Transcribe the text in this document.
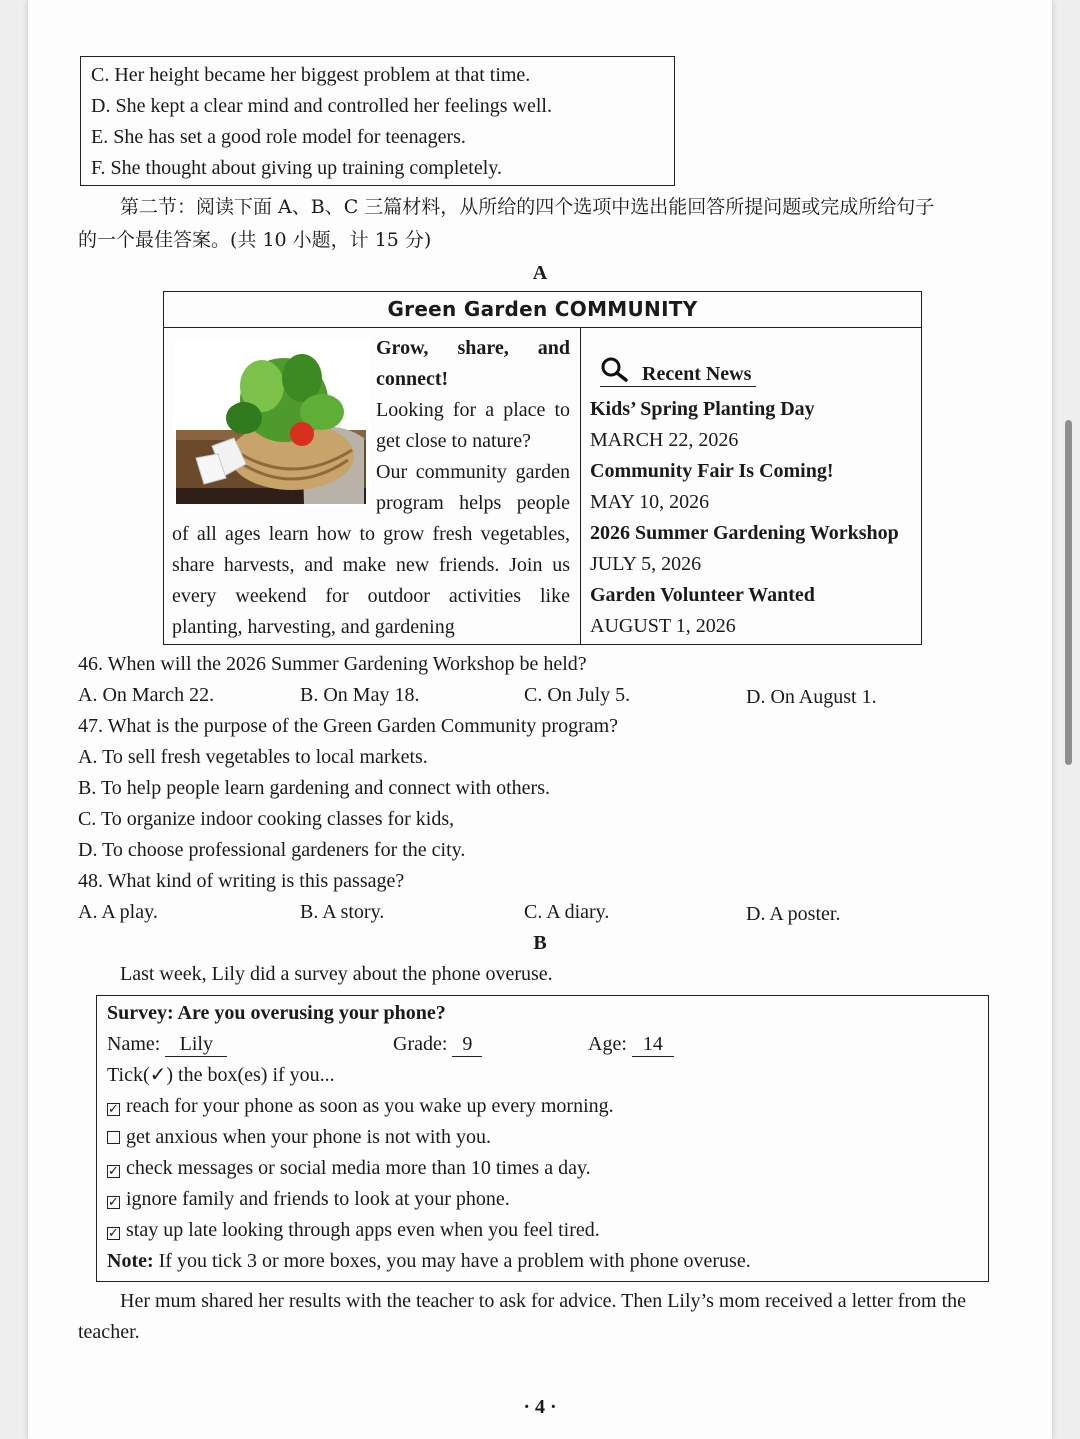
C. Her height became her biggest problem at that time.
D. She kept a clear mind and controlled her feelings well.
E. She has set a good role model for teenagers.
F. She thought about giving up training completely.
第二节：阅读下面 A、B、C 三篇材料，从所给的四个选项中选出能回答所提问题或完成所给句子
的一个最佳答案。(共 10 小题，计 15 分)
A
Green Garden COMMUNITY
Grow, share, and
connect!
Looking for a place to
get close to nature?
Our community garden
program helps people
of all ages learn how to grow fresh vegetables,
share harvests, and make new friends. Join us
every weekend for outdoor activities like
planting, harvesting, and gardening
Recent News
Kids’ Spring Planting Day
MARCH 22, 2026
Community Fair Is Coming!
MAY 10, 2026
2026 Summer Gardening Workshop
JULY 5, 2026
Garden Volunteer Wanted
AUGUST 1, 2026
46. When will the 2026 Summer Gardening Workshop be held?
A. On March 22.	B. On May 18.	C. On July 5.	D. On August 1.
47. What is the purpose of the Green Garden Community program?
A. To sell fresh vegetables to local markets.
B. To help people learn gardening and connect with others.
C. To organize indoor cooking classes for kids,
D. To choose professional gardeners for the city.
48. What kind of writing is this passage?
A. A play.	B. A story.	C. A diary.	D. A poster.
B
Last week, Lily did a survey about the phone overuse.
Survey: Are you overusing your phone?
Name: Lily	Grade: 9	Age: 14
Tick(✓) the box(es) if you...
✓ reach for your phone as soon as you wake up every morning.
get anxious when your phone is not with you.
✓ check messages or social media more than 10 times a day.
✓ ignore family and friends to look at your phone.
✓ stay up late looking through apps even when you feel tired.
Note: If you tick 3 or more boxes, you may have a problem with phone overuse.
Her mum shared her results with the teacher to ask for advice. Then Lily’s mom received a letter from the
teacher.
· 4 ·
